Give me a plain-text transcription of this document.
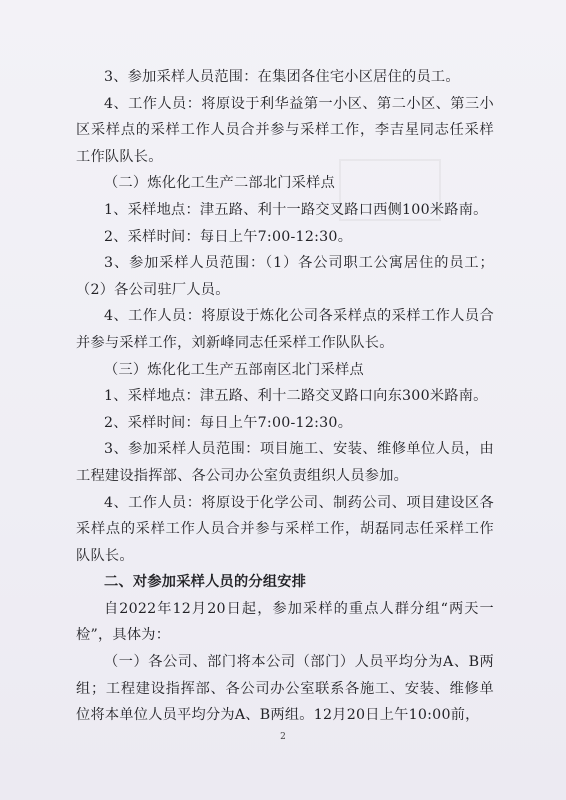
3、参加采样人员范围：在集团各住宅小区居住的员工。
4、工作人员：将原设于利华益第一小区、第二小区、第三小区采样点的采样工作人员合并参与采样工作，李吉星同志任采样工作队队长。
（二）炼化化工生产二部北门采样点
1、采样地点：津五路、利十一路交叉路口西侧100米路南。
2、采样时间：每日上午7:00-12:30。
3、参加采样人员范围：（1）各公司职工公寓居住的员工；（2）各公司驻厂人员。
4、工作人员：将原设于炼化公司各采样点的采样工作人员合并参与采样工作，刘新峰同志任采样工作队队长。
（三）炼化化工生产五部南区北门采样点
1、采样地点：津五路、利十二路交叉路口向东300米路南。
2、采样时间：每日上午7:00-12:30。
3、参加采样人员范围：项目施工、安装、维修单位人员，由工程建设指挥部、各公司办公室负责组织人员参加。
4、工作人员：将原设于化学公司、制药公司、项目建设区各采样点的采样工作人员合并参与采样工作，胡磊同志任采样工作队队长。
二、对参加采样人员的分组安排
自2022年12月20日起，参加采样的重点人群分组“两天一检”，具体为：
（一）各公司、部门将本公司（部门）人员平均分为A、B两组；工程建设指挥部、各公司办公室联系各施工、安装、维修单位将本单位人员平均分为A、B两组。12月20日上午10:00前，
2
